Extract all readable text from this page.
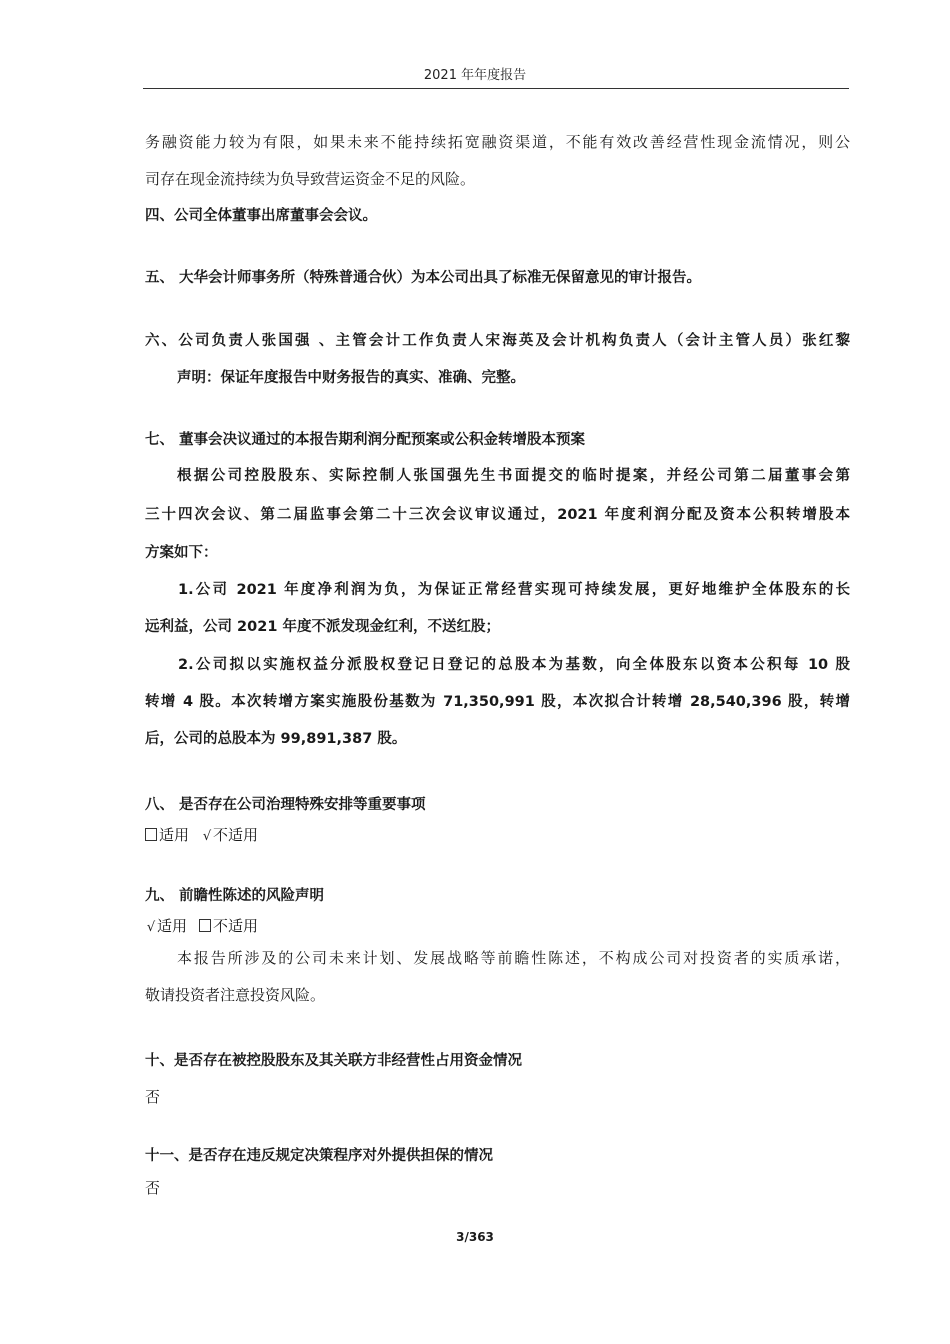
2021 年年度报告
务融资能力较为有限，如果未来不能持续拓宽融资渠道，不能有效改善经营性现金流情况，则公
司存在现金流持续为负导致营运资金不足的风险。
四、公司全体董事出席董事会会议。
五、 大华会计师事务所（特殊普通合伙）为本公司出具了标准无保留意见的审计报告。
六、公司负责人张国强 、主管会计工作负责人宋海英及会计机构负责人（会计主管人员）张红黎
声明：保证年度报告中财务报告的真实、准确、完整。
七、 董事会决议通过的本报告期利润分配预案或公积金转增股本预案
根据公司控股股东、实际控制人张国强先生书面提交的临时提案，并经公司第二届董事会第
三十四次会议、第二届监事会第二十三次会议审议通过，2021 年度利润分配及资本公积转增股本
方案如下：
1.公司 2021 年度净利润为负，为保证正常经营实现可持续发展，更好地维护全体股东的长
远利益，公司 2021 年度不派发现金红利，不送红股；
2.公司拟以实施权益分派股权登记日登记的总股本为基数，向全体股东以资本公积每 10 股
转增 4 股。本次转增方案实施股份基数为 71,350,991 股，本次拟合计转增 28,540,396 股，转增
后，公司的总股本为 99,891,387 股。
八、 是否存在公司治理特殊安排等重要事项
适用 √ 不适用
九、 前瞻性陈述的风险声明
√ 适用 不适用
本报告所涉及的公司未来计划、发展战略等前瞻性陈述，不构成公司对投资者的实质承诺，
敬请投资者注意投资风险。
十、是否存在被控股股东及其关联方非经营性占用资金情况
否
十一、是否存在违反规定决策程序对外提供担保的情况
否
3/363
